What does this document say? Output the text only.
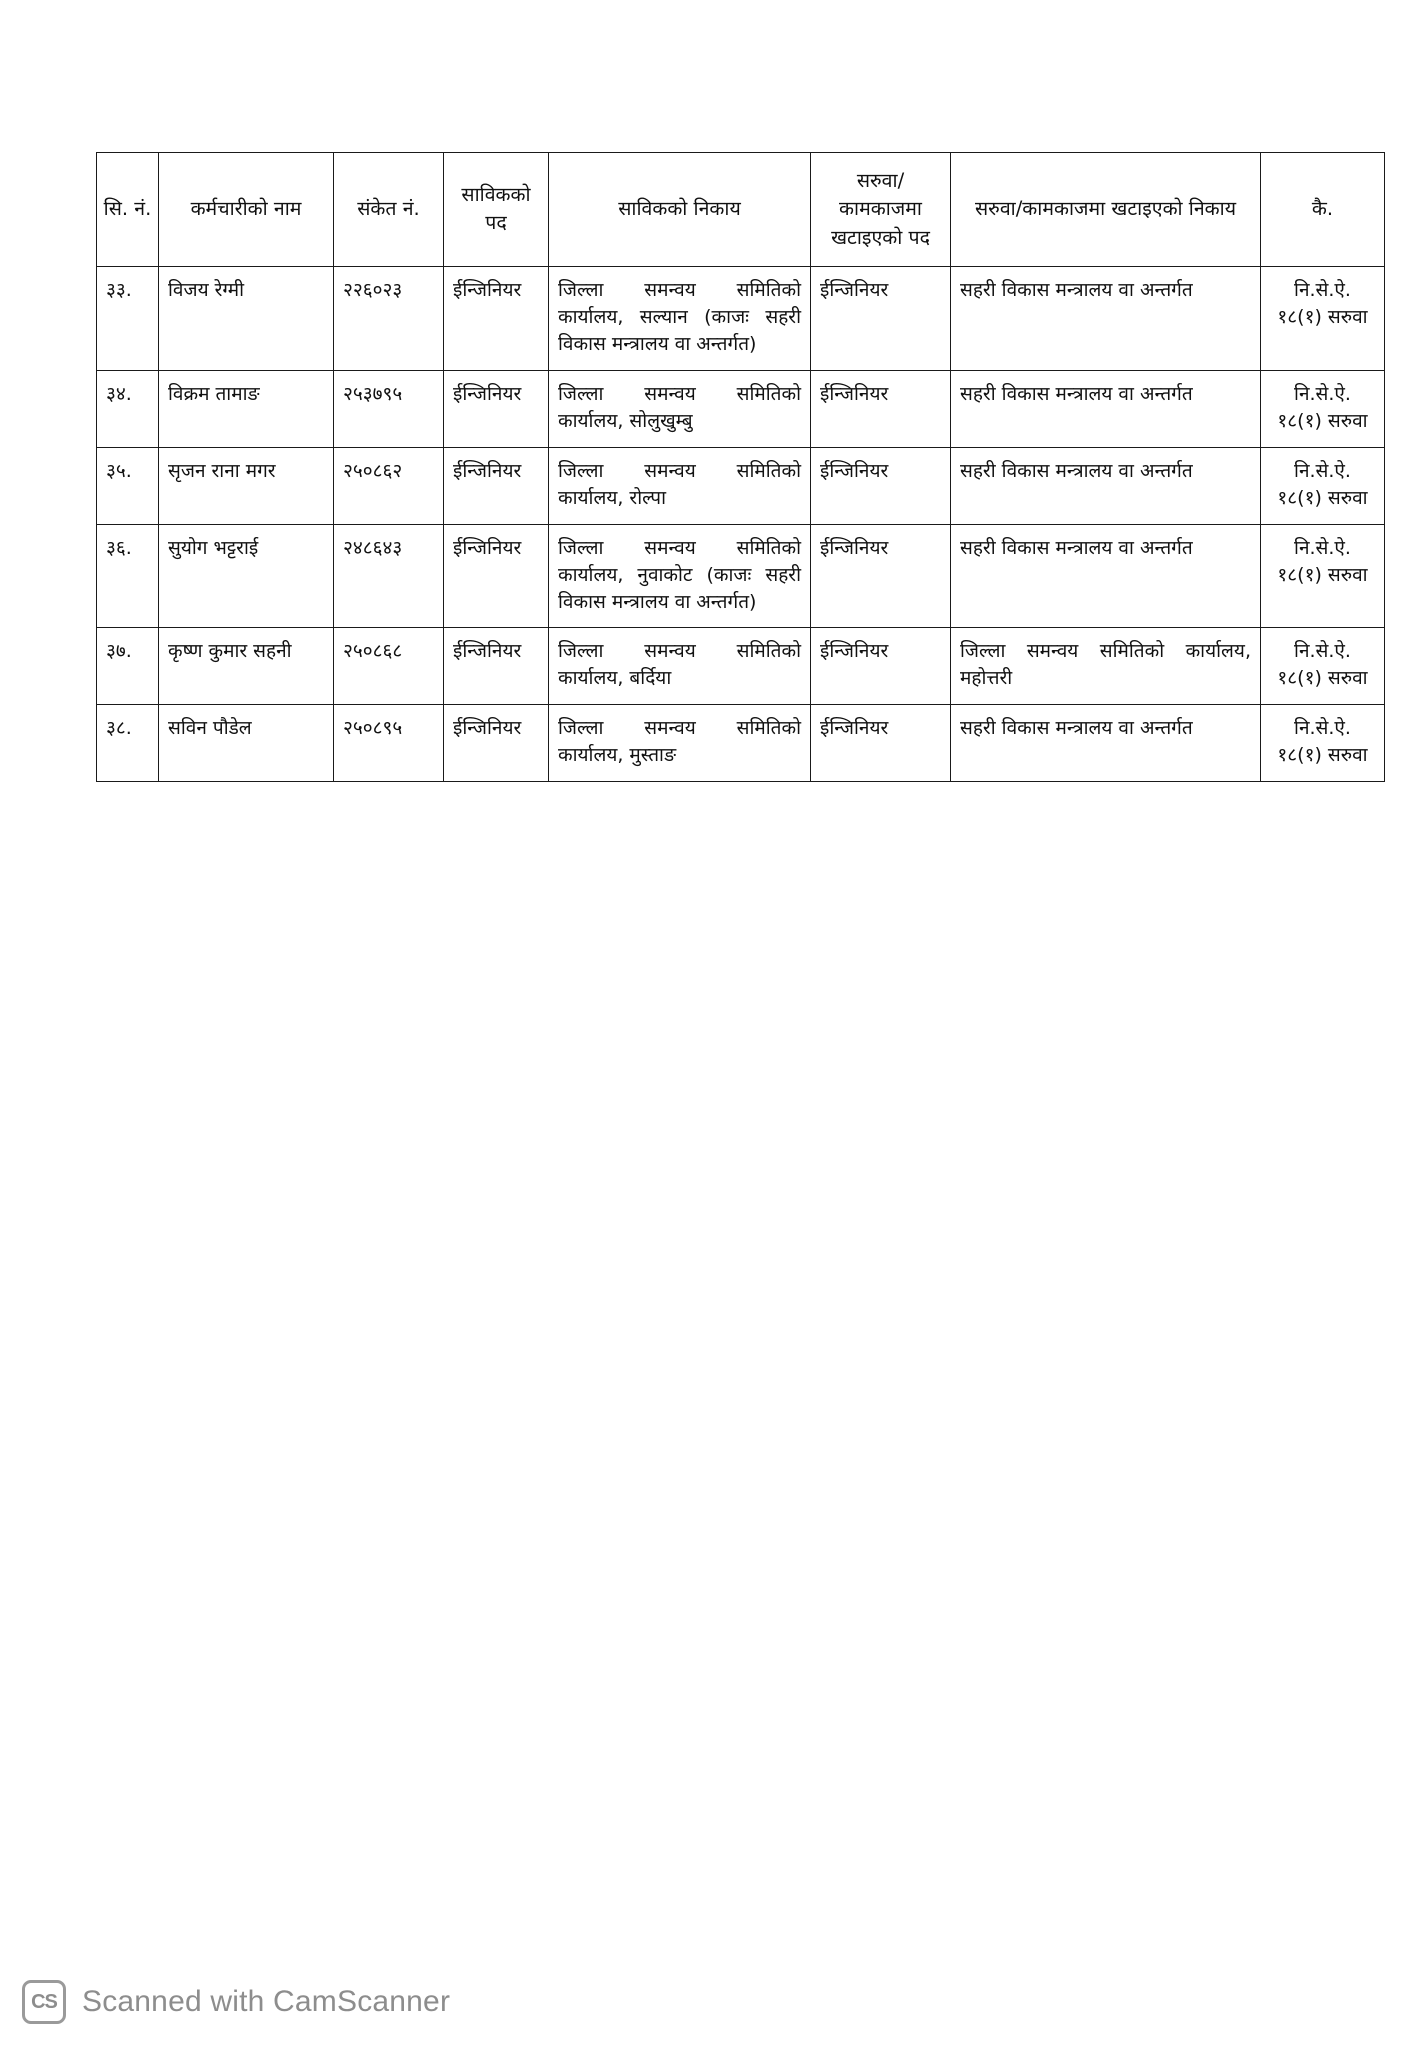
सि. नं.	कर्मचारीको नाम	संकेत नं.	साविकको पद	साविकको निकाय	सरुवा/ कामकाजमा खटाइएको पद	सरुवा/कामकाजमा खटाइएको निकाय	कै.
३३.	विजय रेग्मी	२२६०२३	ईन्जिनियर	जिल्ला समन्वय समितिको कार्यालय, सल्यान (काजः सहरी विकास मन्त्रालय वा अन्तर्गत)	ईन्जिनियर	सहरी विकास मन्त्रालय वा अन्तर्गत	नि.से.ऐ. १८(१) सरुवा
३४.	विक्रम तामाङ	२५३७९५	ईन्जिनियर	जिल्ला समन्वय समितिको कार्यालय, सोलुखुम्बु	ईन्जिनियर	सहरी विकास मन्त्रालय वा अन्तर्गत	नि.से.ऐ. १८(१) सरुवा
३५.	सृजन राना मगर	२५०८६२	ईन्जिनियर	जिल्ला समन्वय समितिको कार्यालय, रोल्पा	ईन्जिनियर	सहरी विकास मन्त्रालय वा अन्तर्गत	नि.से.ऐ. १८(१) सरुवा
३६.	सुयोग भट्टराई	२४८६४३	ईन्जिनियर	जिल्ला समन्वय समितिको कार्यालय, नुवाकोट (काजः सहरी विकास मन्त्रालय वा अन्तर्गत)	ईन्जिनियर	सहरी विकास मन्त्रालय वा अन्तर्गत	नि.से.ऐ. १८(१) सरुवा
३७.	कृष्ण कुमार सहनी	२५०८६८	ईन्जिनियर	जिल्ला समन्वय समितिको कार्यालय, बर्दिया	ईन्जिनियर	जिल्ला समन्वय समितिको कार्यालय, महोत्तरी	नि.से.ऐ. १८(१) सरुवा
३८.	सविन पौडेल	२५०८९५	ईन्जिनियर	जिल्ला समन्वय समितिको कार्यालय, मुस्ताङ	ईन्जिनियर	सहरी विकास मन्त्रालय वा अन्तर्गत	नि.से.ऐ. १८(१) सरुवा
CS Scanned with CamScanner
